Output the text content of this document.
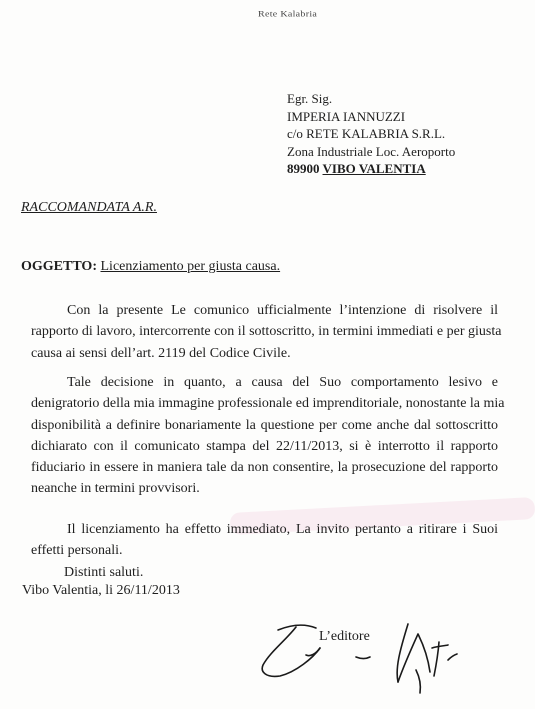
Rete Kalabria
Egr. Sig.
IMPERIA IANNUZZI
c/o RETE KALABRIA S.R.L.
Zona Industriale Loc. Aeroporto
89900 VIBO VALENTIA
RACCOMANDATA A.R.
OGGETTO: Licenziamento per giusta causa.
Con la presente Le comunico ufficialmente l’intenzione di risolvere il
rapporto di lavoro, intercorrente con il sottoscritto, in termini immediati e per giusta
causa ai sensi dell’art. 2119 del Codice Civile.
Tale decisione in quanto, a causa del Suo comportamento lesivo e
denigratorio della mia immagine professionale ed imprenditoriale, nonostante la mia
disponibilità a definire bonariamente la questione per come anche dal sottoscritto
dichiarato con il comunicato stampa del 22/11/2013, si è interrotto il rapporto
fiduciario in essere in maniera tale da non consentire, la prosecuzione del rapporto
neanche in termini provvisori.
Il licenziamento ha effetto immediato, La invito pertanto a ritirare i Suoi
effetti personali.
Distinti saluti.
Vibo Valentia, li 26/11/2013
L’editore
